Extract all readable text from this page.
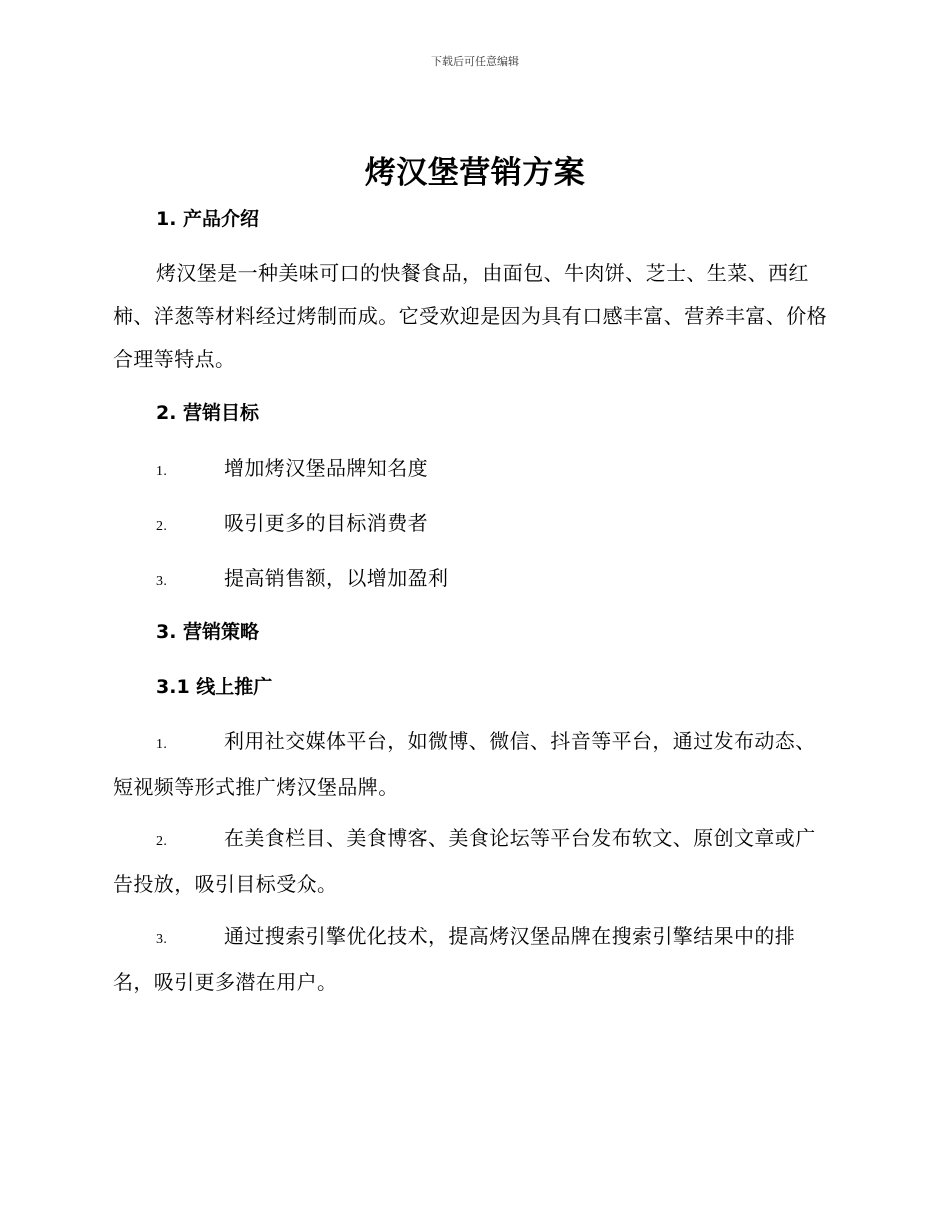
下载后可任意编辑
烤汉堡营销方案
1. 产品介绍

烤汉堡是一种美味可口的快餐食品，由面包、牛肉饼、芝士、生菜、西红柿、洋葱等材料经过烤制而成。它受欢迎是因为具有口感丰富、营养丰富、价格合理等特点。

2. 营销目标

1.	增加烤汉堡品牌知名度

2.	吸引更多的目标消费者

3.	提高销售额，以增加盈利

3. 营销策略
3.1 线上推广

1.	利用社交媒体平台，如微博、微信、抖音等平台，通过发布动态、短视频等形式推广烤汉堡品牌。

2.	在美食栏目、美食博客、美食论坛等平台发布软文、原创文章或广告投放，吸引目标受众。

3.	通过搜索引擎优化技术，提高烤汉堡品牌在搜索引擎结果中的排名，吸引更多潜在用户。
